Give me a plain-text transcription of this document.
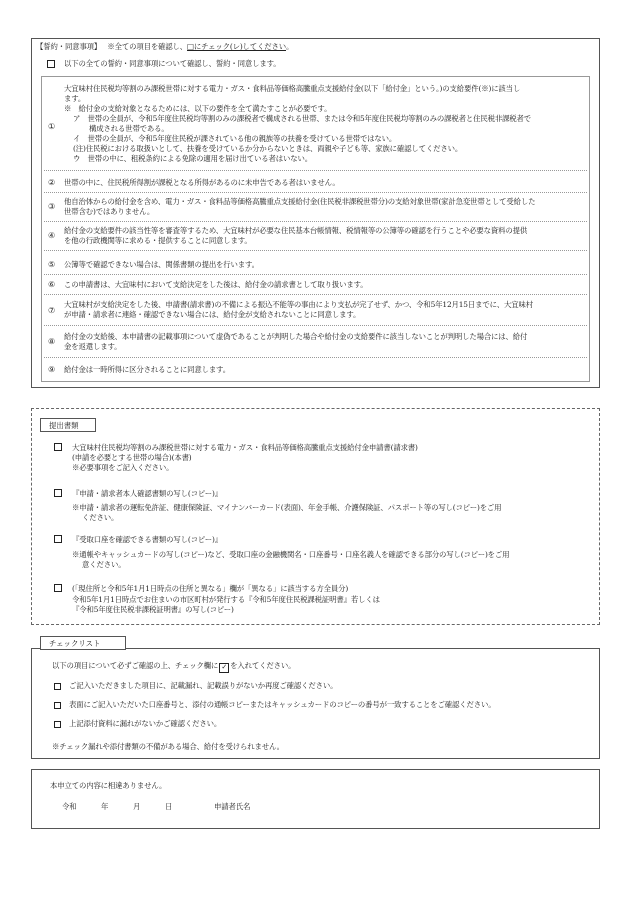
【誓約・同意事項】 ※全ての項目を確認し、□にチェック(レ)してください。
以下の全ての誓約・同意事項について確認し、誓約・同意します。
①
大宜味村住民税均等割のみ課税世帯に対する電力・ガス・食料品等価格高騰重点支援給付金(以下「給付金」という。)の支給要件(※)に該当し
ます。
※　給付金の支給対象となるためには、以下の要件を全て満たすことが必要です。
ア　世帯の全員が、令和5年度住民税均等割のみの課税者で構成される世帯、または令和5年度住民税均等割のみの課税者と住民税非課税者で
構成される世帯である。
イ　世帯の全員が、令和5年度住民税が課されている他の親族等の扶養を受けている世帯ではない。
(注)住民税における取扱いとして、扶養を受けているか分からないときは、両親や子ども等、家族に確認してください。
ウ　世帯の中に、租税条約による免除の適用を届け出ている者はいない。
② 世帯の中に、住民税所得割が課税となる所得があるのに未申告である者はいません。
③
他自治体からの給付金を含め、電力・ガス・食料品等価格高騰重点支援給付金(住民税非課税世帯分)の支給対象世帯(家計急変世帯として受給した
世帯含む)ではありません。
④
給付金の支給要件の該当性等を審査等するため、大宜味村が必要な住民基本台帳情報、税情報等の公簿等の確認を行うことや必要な資料の提供
を他の行政機関等に求める・提供することに同意します。
⑤ 公簿等で確認できない場合は、関係書類の提出を行います。
⑥ この申請書は、大宜味村において支給決定をした後は、給付金の請求書として取り扱います。
⑦
大宜味村が支給決定をした後、申請書(請求書)の不備による振込不能等の事由により支払が完了せず、かつ、令和5年12月15日までに、大宜味村
が申請・請求者に連絡・確認できない場合には、給付金が支給されないことに同意します。
⑧
給付金の支給後、本申請書の記載事項について虚偽であることが判明した場合や給付金の支給要件に該当しないことが判明した場合には、給付
金を返還します。
⑨ 給付金は一時所得に区分されることに同意します。
提出書類
大宜味村住民税均等割のみ課税世帯に対する電力・ガス・食料品等価格高騰重点支援給付金申請書(請求書)
(申請を必要とする世帯の場合)(本書)
※必要事項をご記入ください。
『申請・請求者本人確認書類の写し(コピー)』
※申請・請求者の運転免許証、健康保険証、マイナンバーカード(表面)、年金手帳、介護保険証、パスポート等の写し(コピー)をご用
ください。
『受取口座を確認できる書類の写し(コピー)』
※通帳やキャッシュカードの写し(コピー)など、受取口座の金融機関名・口座番号・口座名義人を確認できる部分の写し(コピー)をご用
意ください。
(「現住所と令和5年1月1日時点の住所と異なる」欄が「異なる」に該当する方全員分)
令和5年1月1日時点でお住まいの市区町村が発行する『令和5年度住民税課税証明書』若しくは
『令和5年度住民税非課税証明書』の写し(コピー)
チェックリスト
以下の項目について必ずご確認の上、チェック欄に ✓ を入れてください。
ご記入いただきました項目に、記載漏れ、記載誤りがないか再度ご確認ください。
表面にご記入いただいた口座番号と、添付の通帳コピーまたはキャッシュカードのコピーの番号が一致することをご確認ください。
上記添付資料に漏れがないかご確認ください。
※チェック漏れや添付書類の不備がある場合、給付を受けられません。
本申立ての内容に相違ありません。
令和	年	月	日	申請者氏名
